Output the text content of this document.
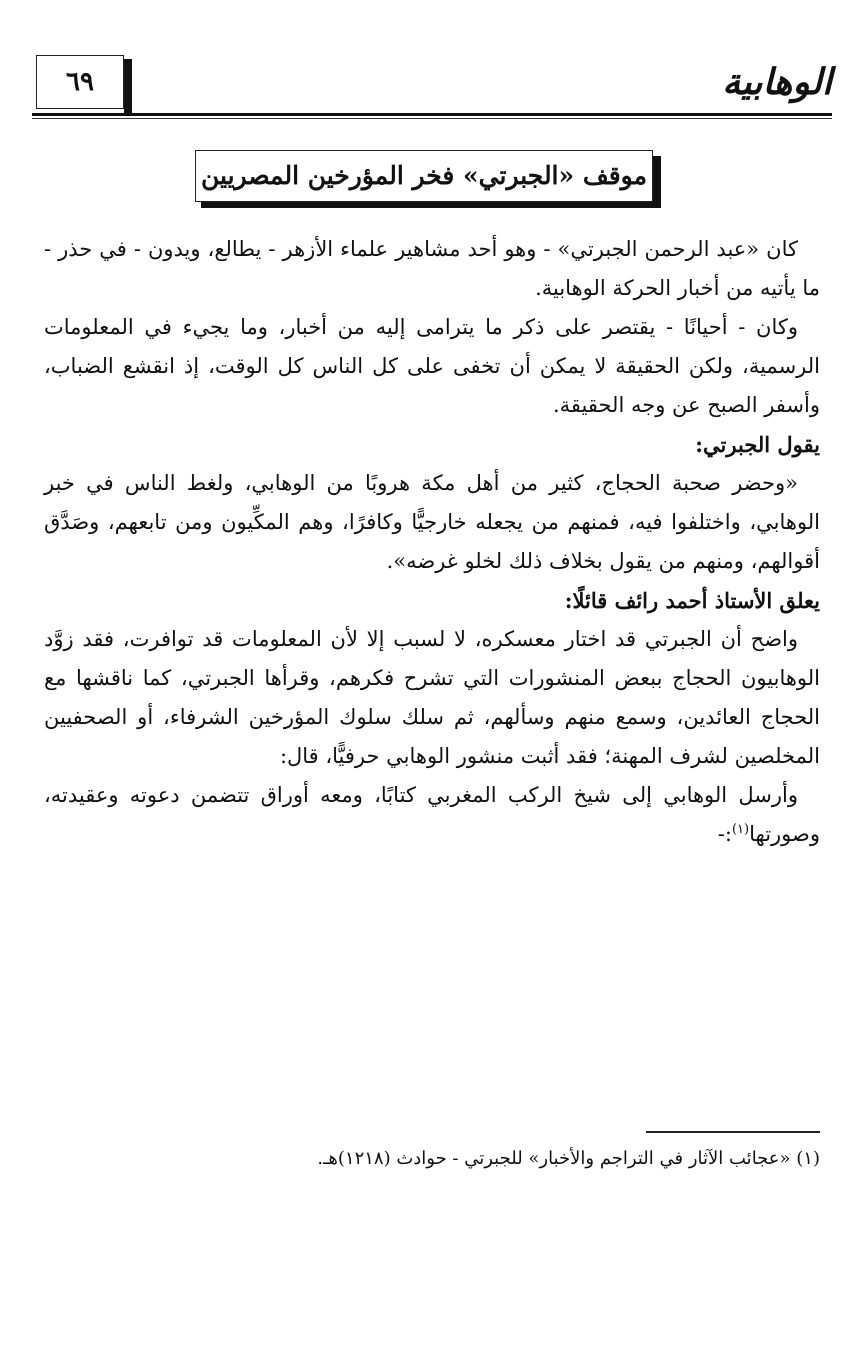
الوهابية
٦٩
موقف «الجبرتي» فخر المؤرخين المصريين

كان «عبد الرحمن الجبرتي» - وهو أحد مشاهير علماء الأزهر - يطالع، ويدون - في حذر - ما يأتيه من أخبار الحركة الوهابية.

وكان - أحيانًا - يقتصر على ذكر ما يترامى إليه من أخبار، وما يجيء في المعلومات الرسمية، ولكن الحقيقة لا يمكن أن تخفى على كل الناس كل الوقت، إذ انقشع الضباب، وأسفر الصبح عن وجه الحقيقة.

يقول الجبرتي:

«وحضر صحبة الحجاج، كثير من أهل مكة هروبًا من الوهابي، ولغط الناس في خبر الوهابي، واختلفوا فيه، فمنهم من يجعله خارجيًّا وكافرًا، وهم المكِّيون ومن تابعهم، وصَدَّق أقوالهم، ومنهم من يقول بخلاف ذلك لخلو غرضه».

يعلق الأستاذ أحمد رائف قائلًا:

واضح أن الجبرتي قد اختار معسكره، لا لسبب إلا لأن المعلومات قد توافرت، فقد زوَّد الوهابيون الحجاج ببعض المنشورات التي تشرح فكرهم، وقرأها الجبرتي، كما ناقشها مع الحجاج العائدين، وسمع منهم وسألهم، ثم سلك سلوك المؤرخين الشرفاء، أو الصحفيين المخلصين لشرف المهنة؛ فقد أثبت منشور الوهابي حرفيًّا، قال:

وأرسل الوهابي إلى شيخ الركب المغربي كتابًا، ومعه أوراق تتضمن دعوته وعقيدته، وصورتها$^{(١)}$:-

(١) «عجائب الآثار في التراجم والأخبار» للجبرتي - حوادث (١٢١٨)هـ.
